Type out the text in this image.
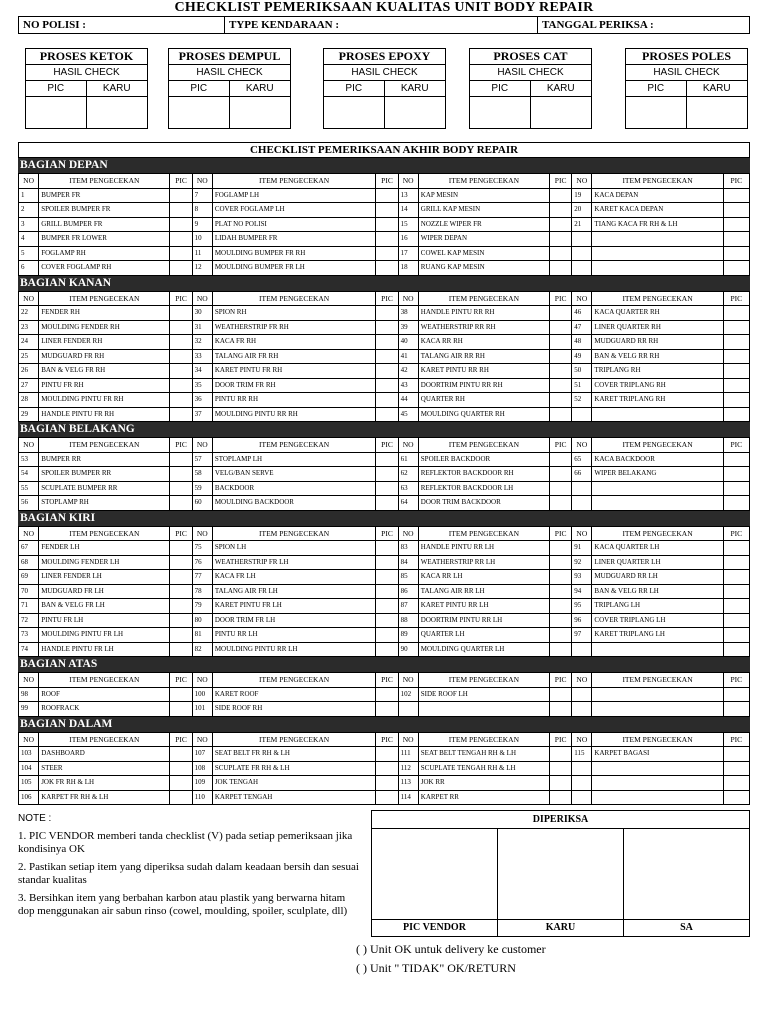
CHECKLIST PEMERIKSAAN KUALITAS UNIT BODY REPAIR
NO POLISI :	TYPE KENDARAAN :	TANGGAL PERIKSA :
PROSES KETOK
HASIL CHECK
PIC	KARU
PROSES DEMPUL
HASIL CHECK
PIC	KARU
PROSES EPOXY
HASIL CHECK
PIC	KARU
PROSES CAT
HASIL CHECK
PIC	KARU
PROSES POLES
HASIL CHECK
PIC	KARU
CHECKLIST PEMERIKSAAN AKHIR BODY REPAIR
BAGIAN DEPAN
NO	ITEM PENGECEKAN	PIC	NO	ITEM PENGECEKAN	PIC	NO	ITEM PENGECEKAN	PIC	NO	ITEM PENGECEKAN	PIC
1	BUMPER FR		7	FOGLAMP LH		13	KAP MESIN		19	KACA DEPAN	
2	SPOILER BUMPER FR		8	COVER FOGLAMP LH		14	GRILL KAP MESIN		20	KARET KACA DEPAN	
3	GRILL BUMPER FR		9	PLAT NO POLISI		15	NOZZLE WIPER FR		21	TIANG KACA FR RH & LH	
4	BUMPER FR LOWER		10	LIDAH BUMPER FR		16	WIPER DEPAN				
5	FOGLAMP RH		11	MOULDING BUMPER FR RH		17	COWEL KAP MESIN				
6	COVER FOGLAMP RH		12	MOULDING BUMPER FR LH		18	RUANG KAP MESIN				
BAGIAN KANAN
NO	ITEM PENGECEKAN	PIC	NO	ITEM PENGECEKAN	PIC	NO	ITEM PENGECEKAN	PIC	NO	ITEM PENGECEKAN	PIC
22	FENDER RH		30	SPION RH		38	HANDLE PINTU RR RH		46	KACA QUARTER RH	
23	MOULDING FENDER RH		31	WEATHERSTRIP FR RH		39	WEATHERSTRIP RR RH		47	LINER QUARTER RH	
24	LINER FENDER RH		32	KACA FR RH		40	KACA RR RH		48	MUDGUARD RR RH	
25	MUDGUARD FR RH		33	TALANG AIR FR RH		41	TALANG AIR RR RH		49	BAN & VELG RR RH	
26	BAN & VELG FR RH		34	KARET PINTU FR RH		42	KARET PINTU RR RH		50	TRIPLANG RH	
27	PINTU FR RH		35	DOOR TRIM FR RH		43	DOORTRIM PINTU RR RH		51	COVER TRIPLANG RH	
28	MOULDING PINTU FR RH		36	PINTU RR RH		44	QUARTER RH		52	KARET TRIPLANG RH	
29	HANDLE PINTU FR RH		37	MOULDING PINTU RR RH		45	MOULDING QUARTER RH				
BAGIAN BELAKANG
NO	ITEM PENGECEKAN	PIC	NO	ITEM PENGECEKAN	PIC	NO	ITEM PENGECEKAN	PIC	NO	ITEM PENGECEKAN	PIC
53	BUMPER RR		57	STOPLAMP LH		61	SPOILER BACKDOOR		65	KACA BACKDOOR	
54	SPOILER BUMPER RR		58	VELG/BAN SERVE		62	REFLEKTOR BACKDOOR RH		66	WIPER BELAKANG	
55	SCUPLATE BUMPER RR		59	BACKDOOR		63	REFLEKTOR BACKDOOR LH				
56	STOPLAMP RH		60	MOULDING BACKDOOR		64	DOOR TRIM BACKDOOR				
BAGIAN KIRI
NO	ITEM PENGECEKAN	PIC	NO	ITEM PENGECEKAN	PIC	NO	ITEM PENGECEKAN	PIC	NO	ITEM PENGECEKAN	PIC
67	FENDER LH		75	SPION LH		83	HANDLE PINTU RR LH		91	KACA QUARTER LH	
68	MOULDING FENDER LH		76	WEATHERSTRIP FR LH		84	WEATHERSTRIP RR LH		92	LINER QUARTER LH	
69	LINER FENDER LH		77	KACA FR LH		85	KACA RR LH		93	MUDGUARD RR LH	
70	MUDGUARD FR LH		78	TALANG AIR FR LH		86	TALANG AIR RR LH		94	BAN & VELG RR LH	
71	BAN & VELG FR LH		79	KARET PINTU FR LH		87	KARET PINTU RR LH		95	TRIPLANG LH	
72	PINTU FR LH		80	DOOR TRIM FR LH		88	DOORTRIM PINTU RR LH		96	COVER TRIPLANG LH	
73	MOULDING PINTU FR LH		81	PINTU RR LH		89	QUARTER LH		97	KARET TRIPLANG LH	
74	HANDLE PINTU FR LH		82	MOULDING PINTU RR LH		90	MOULDING QUARTER LH				
BAGIAN ATAS
NO	ITEM PENGECEKAN	PIC	NO	ITEM PENGECEKAN	PIC	NO	ITEM PENGECEKAN	PIC	NO	ITEM PENGECEKAN	PIC
98	ROOF		100	KARET ROOF		102	SIDE ROOF LH				
99	ROOFRACK		101	SIDE ROOF RH							
BAGIAN DALAM
NO	ITEM PENGECEKAN	PIC	NO	ITEM PENGECEKAN	PIC	NO	ITEM PENGECEKAN	PIC	NO	ITEM PENGECEKAN	PIC
103	DASHBOARD		107	SEAT BELT FR RH & LH		111	SEAT BELT TENGAH RH & LH		115	KARPET BAGASI	
104	STEER		108	SCUPLATE FR RH & LH		112	SCUPLATE TENGAH RH & LH				
105	JOK FR RH & LH		109	JOK TENGAH		113	JOK RR				
106	KARPET FR RH & LH		110	KARPET TENGAH		114	KARPET RR				
NOTE :

1. PIC VENDOR memberi tanda checklist (V) pada setiap pemeriksaan jika kondisinya OK

2. Pastikan setiap item yang diperiksa sudah dalam keadaan bersih dan sesuai standar kualitas

3. Bersihkan item yang berbahan karbon atau plastik yang berwarna hitam dop menggunakan air sabun rinso (cowel, moulding, spoiler, sculplate, dll)

DIPERIKSA
PIC VENDOR	KARU	SA
( ) Unit OK untuk delivery ke customer
( ) Unit " TIDAK" OK/RETURN
